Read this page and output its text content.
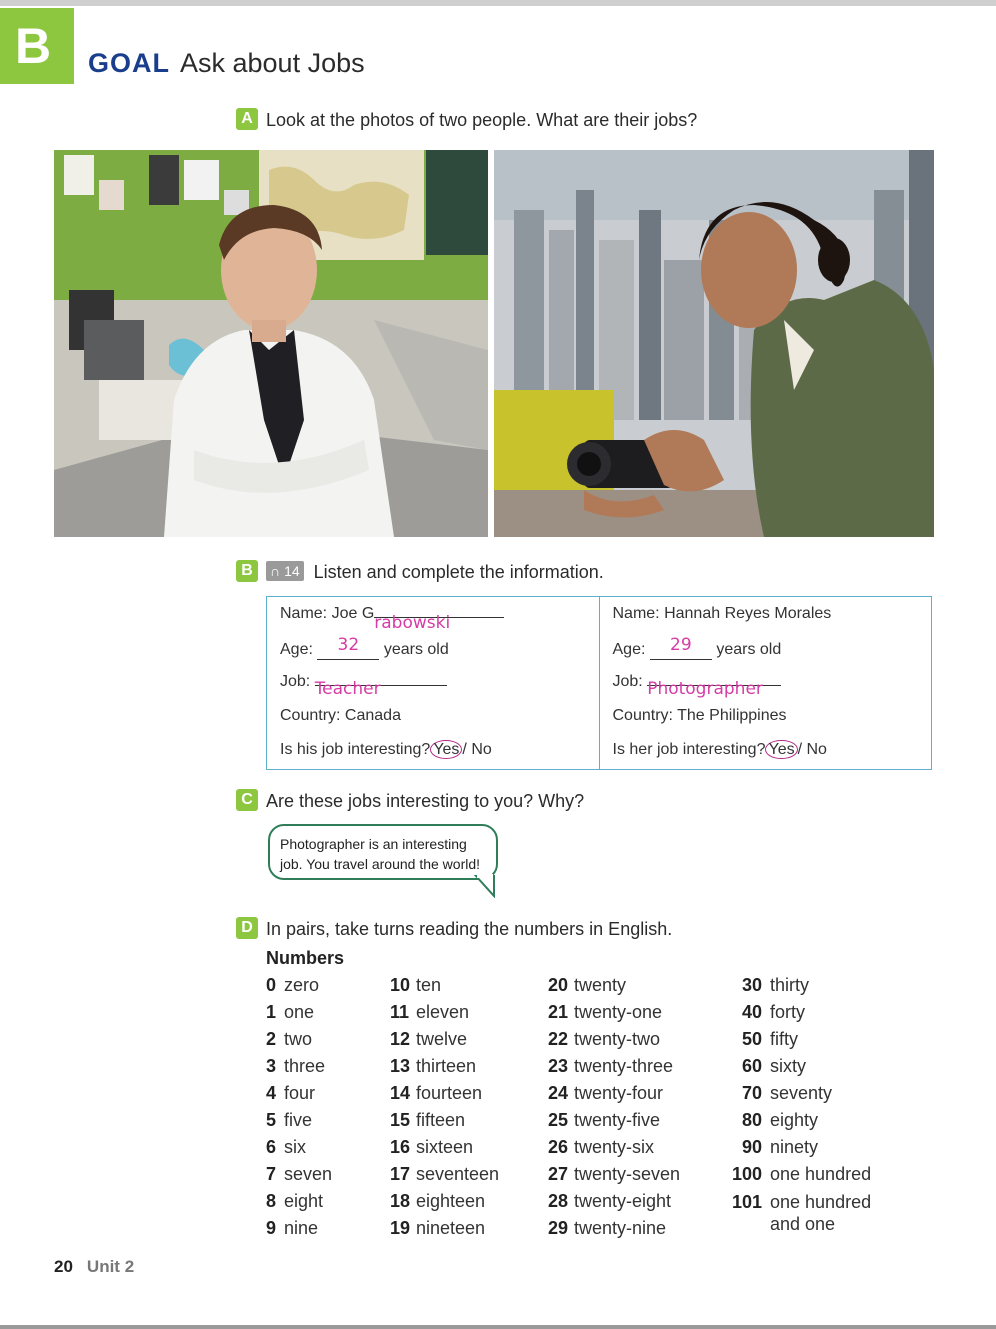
B GOAL Ask about Jobs
A Look at the photos of two people. What are their jobs?
B ∩ 14 Listen and complete the information.
Name: Joe G rabowski
Age: 32 years old
Job: Teacher
Country: Canada
Is his job interesting? Yes / No
Name: Hannah Reyes Morales
Age: 29 years old
Job: Photographer
Country: The Philippines
Is her job interesting? Yes / No
C Are these jobs interesting to you? Why?
Photographer is an interesting
job. You travel around the world!
D In pairs, take turns reading the numbers in English.
Numbers
0 zero
1 one
2 two
3 three
4 four
5 five
6 six
7 seven
8 eight
9 nine
10 ten
11 eleven
12 twelve
13 thirteen
14 fourteen
15 fifteen
16 sixteen
17 seventeen
18 eighteen
19 nineteen
20 twenty
21 twenty-one
22 twenty-two
23 twenty-three
24 twenty-four
25 twenty-five
26 twenty-six
27 twenty-seven
28 twenty-eight
29 twenty-nine
30 thirty
40 forty
50 fifty
60 sixty
70 seventy
80 eighty
90 ninety
100 one hundred
101 one hundred and one
20 Unit 2
